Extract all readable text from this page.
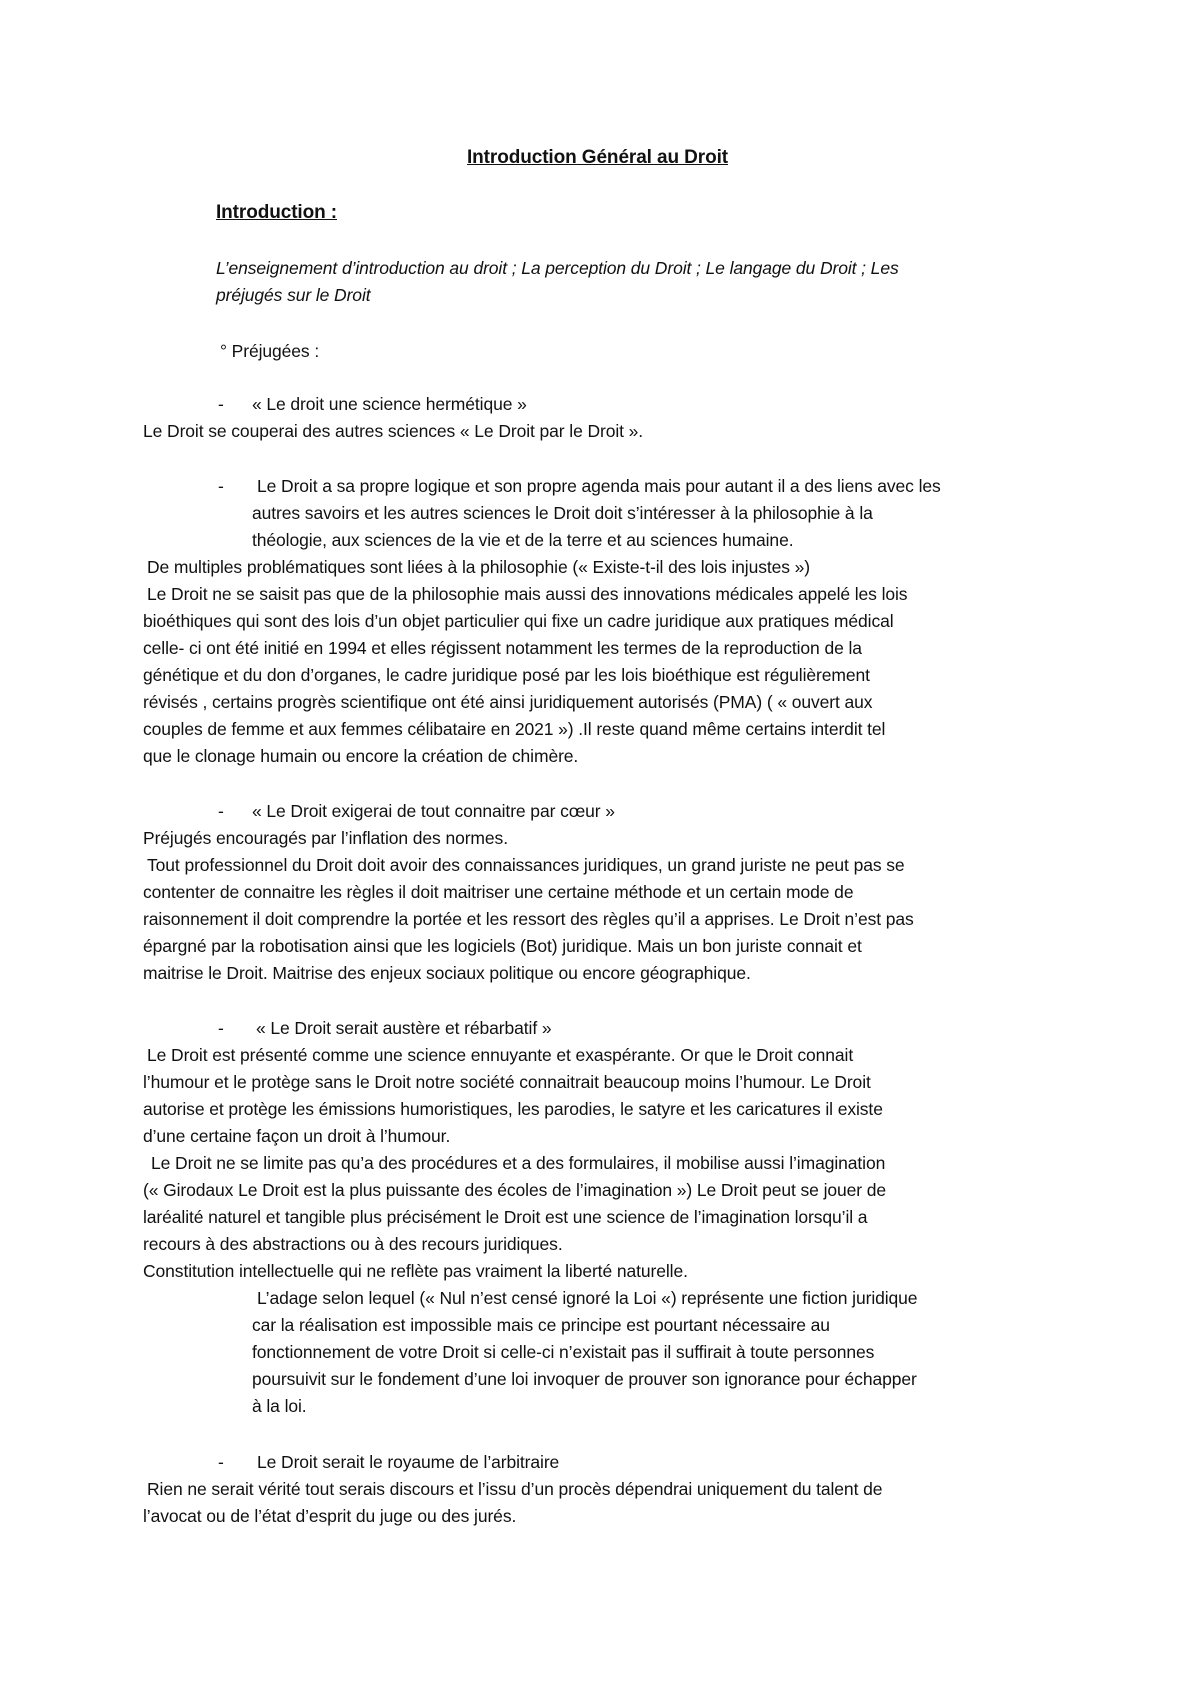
Introduction Général au Droit
Introduction :
L’enseignement d’introduction au droit ; La perception du Droit ; Le langage du Droit ; Les
préjugés sur le Droit
° Préjugées :
- « Le droit une science hermétique »
Le Droit se couperai des autres sciences « Le Droit par le Droit ».
- Le Droit a sa propre logique et son propre agenda mais pour autant il a des liens avec les
autres savoirs et les autres sciences le Droit doit s’intéresser à la philosophie à la
théologie, aux sciences de la vie et de la terre et au sciences humaine.
De multiples problématiques sont liées à la philosophie (« Existe-t-il des lois injustes »)
Le Droit ne se saisit pas que de la philosophie mais aussi des innovations médicales appelé les lois
bioéthiques qui sont des lois d’un objet particulier qui fixe un cadre juridique aux pratiques médical
celle- ci ont été initié en 1994 et elles régissent notamment les termes de la reproduction de la
génétique et du don d’organes, le cadre juridique posé par les lois bioéthique est régulièrement
révisés , certains progrès scientifique ont été ainsi juridiquement autorisés (PMA) ( « ouvert aux
couples de femme et aux femmes célibataire en 2021 ») .Il reste quand même certains interdit tel
que le clonage humain ou encore la création de chimère.
- « Le Droit exigerai de tout connaitre par cœur »
Préjugés encouragés par l’inflation des normes.
Tout professionnel du Droit doit avoir des connaissances juridiques, un grand juriste ne peut pas se
contenter de connaitre les règles il doit maitriser une certaine méthode et un certain mode de
raisonnement il doit comprendre la portée et les ressort des règles qu’il a apprises. Le Droit n’est pas
épargné par la robotisation ainsi que les logiciels (Bot) juridique. Mais un bon juriste connait et
maitrise le Droit. Maitrise des enjeux sociaux politique ou encore géographique.
- « Le Droit serait austère et rébarbatif »
Le Droit est présenté comme une science ennuyante et exaspérante. Or que le Droit connait
l’humour et le protège sans le Droit notre société connaitrait beaucoup moins l’humour. Le Droit
autorise et protège les émissions humoristiques, les parodies, le satyre et les caricatures il existe
d’une certaine façon un droit à l’humour.
Le Droit ne se limite pas qu’a des procédures et a des formulaires, il mobilise aussi l’imagination
(« Girodaux Le Droit est la plus puissante des écoles de l’imagination ») Le Droit peut se jouer de
laréalité naturel et tangible plus précisément le Droit est une science de l’imagination lorsqu’il a
recours à des abstractions ou à des recours juridiques.
Constitution intellectuelle qui ne reflète pas vraiment la liberté naturelle.
L’adage selon lequel (« Nul n’est censé ignoré la Loi «) représente une fiction juridique
car la réalisation est impossible mais ce principe est pourtant nécessaire au
fonctionnement de votre Droit si celle-ci n’existait pas il suffirait à toute personnes
poursuivit sur le fondement d’une loi invoquer de prouver son ignorance pour échapper
à la loi.
- Le Droit serait le royaume de l’arbitraire
Rien ne serait vérité tout serais discours et l’issu d’un procès dépendrai uniquement du talent de
l’avocat ou de l’état d’esprit du juge ou des jurés.
